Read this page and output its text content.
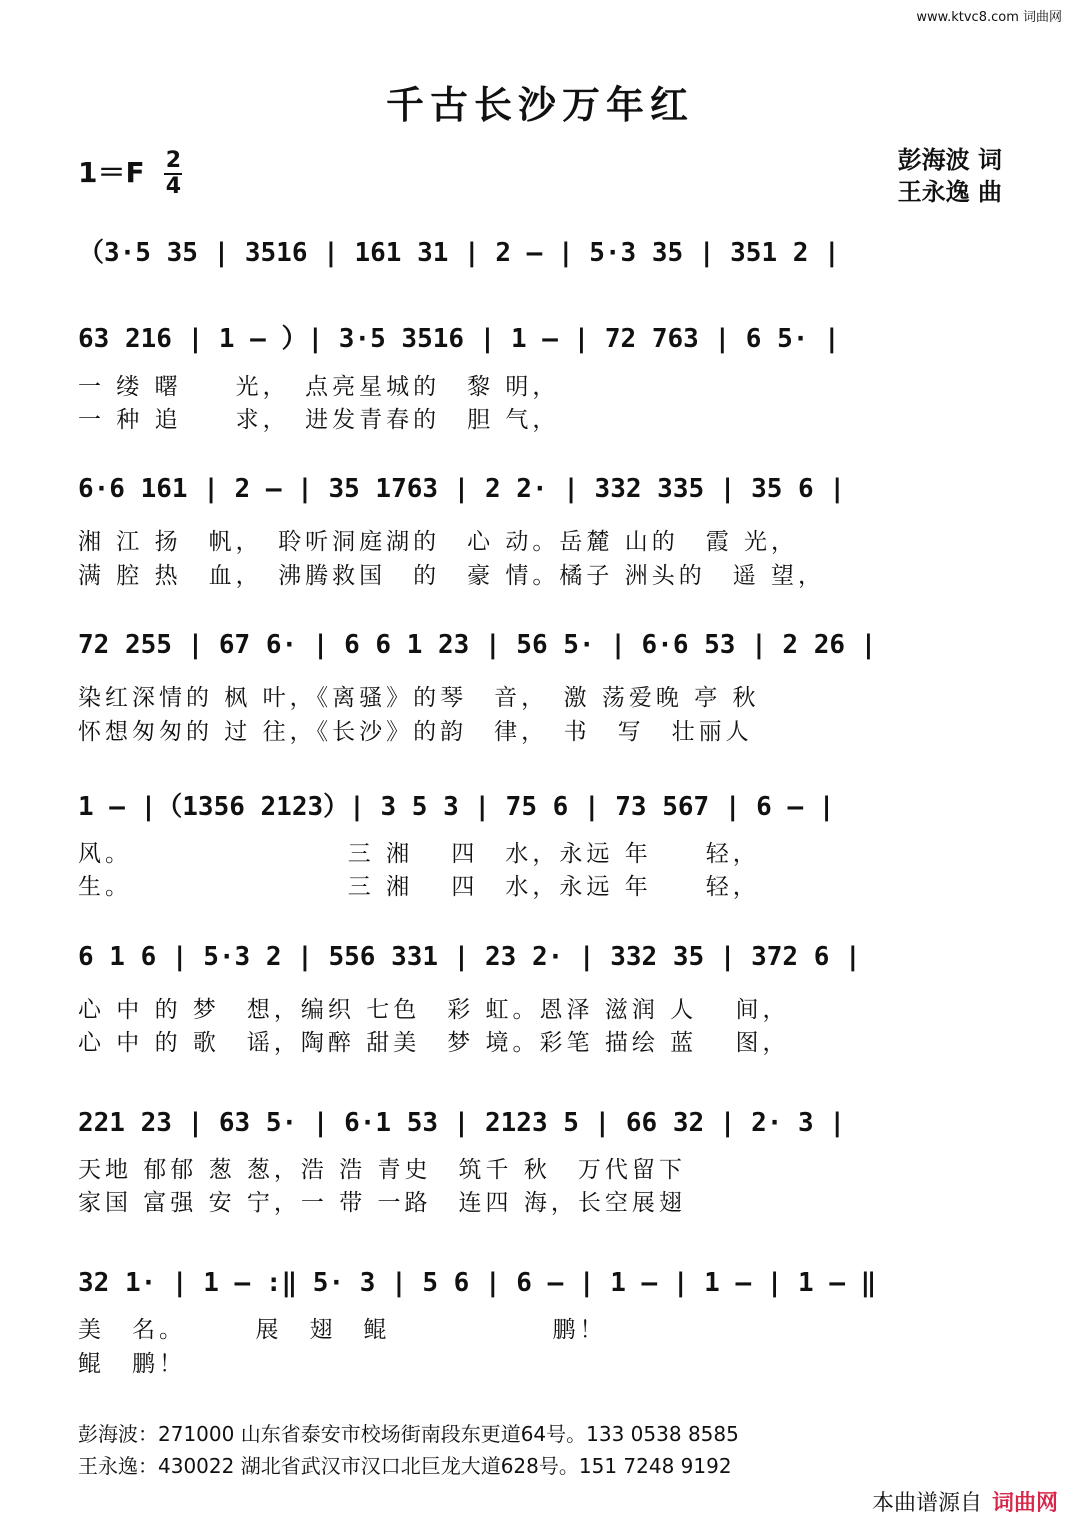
www.ktvc8.com 词曲网
千古长沙万年红
$1=F \frac{2}{4}$	彭海波 词
王永逸 曲
（3·5 35 | 3516 | 161 31 | 2 – | 5·3 35 | 351 2 |
63 216 | 1 – ）| 3·5 3516 | 1 – | 72 763 | 6 5· |
一 缕 曙　　光，　点亮星城的　黎 明，
一 种 追　　求，　进发青春的　胆 气，
6·6 161 | 2 – | 35 1763 | 2 2· | 332 335 | 35 6 |
湘 江 扬　帆，　聆听洞庭湖的　心 动。岳麓 山的　霞 光，
满 腔 热　血，　沸腾救国　的　豪 情。橘子 洲头的　遥 望，
72 255 | 67 6· | 6 6 1 23 | 56 5· | 6·6 53 | 2 26 |
染红深情的 枫 叶，《离骚》的琴　音，　激 荡爱晚 亭 秋
怀想匆匆的 过 往，《长沙》的韵　律，　书　写　壮丽人
1 – |（1356 2123）| 3 5 3 | 75 6 | 73 567 | 6 – |
风。　　　　　　　　 三 湘　 四　水，永远 年　　轻，
生。　　　　　　　　 三 湘　 四　水，永远 年　　轻，
6 1 6 | 5·3 2 | 556 331 | 23 2· | 332 35 | 372 6 |
心 中 的 梦　想，编织 七色　彩 虹。恩泽 滋润 人　 间，
心 中 的 歌　谣，陶醉 甜美　梦 境。彩笔 描绘 蓝　 图，
221 23 | 63 5· | 6·1 53 | 2123 5 | 66 32 | 2· 3 |
天地 郁郁 葱 葱，浩 浩 青史　筑千 秋　万代留下
家国 富强 安 宁，一 带 一路　连四 海，长空展翅
32 1· | 1 – :‖ 5· 3 | 5 6 | 6 – | 1 – | 1 – | 1 – ‖
美　名。　　　展　翅　鲲　　　　　　鹏！
鲲　鹏！
彭海波：271000 山东省泰安市校场街南段东更道64号。133 0538 8585
王永逸：430022 湖北省武汉市汉口北巨龙大道628号。151 7248 9192
本曲谱源自 词曲网
